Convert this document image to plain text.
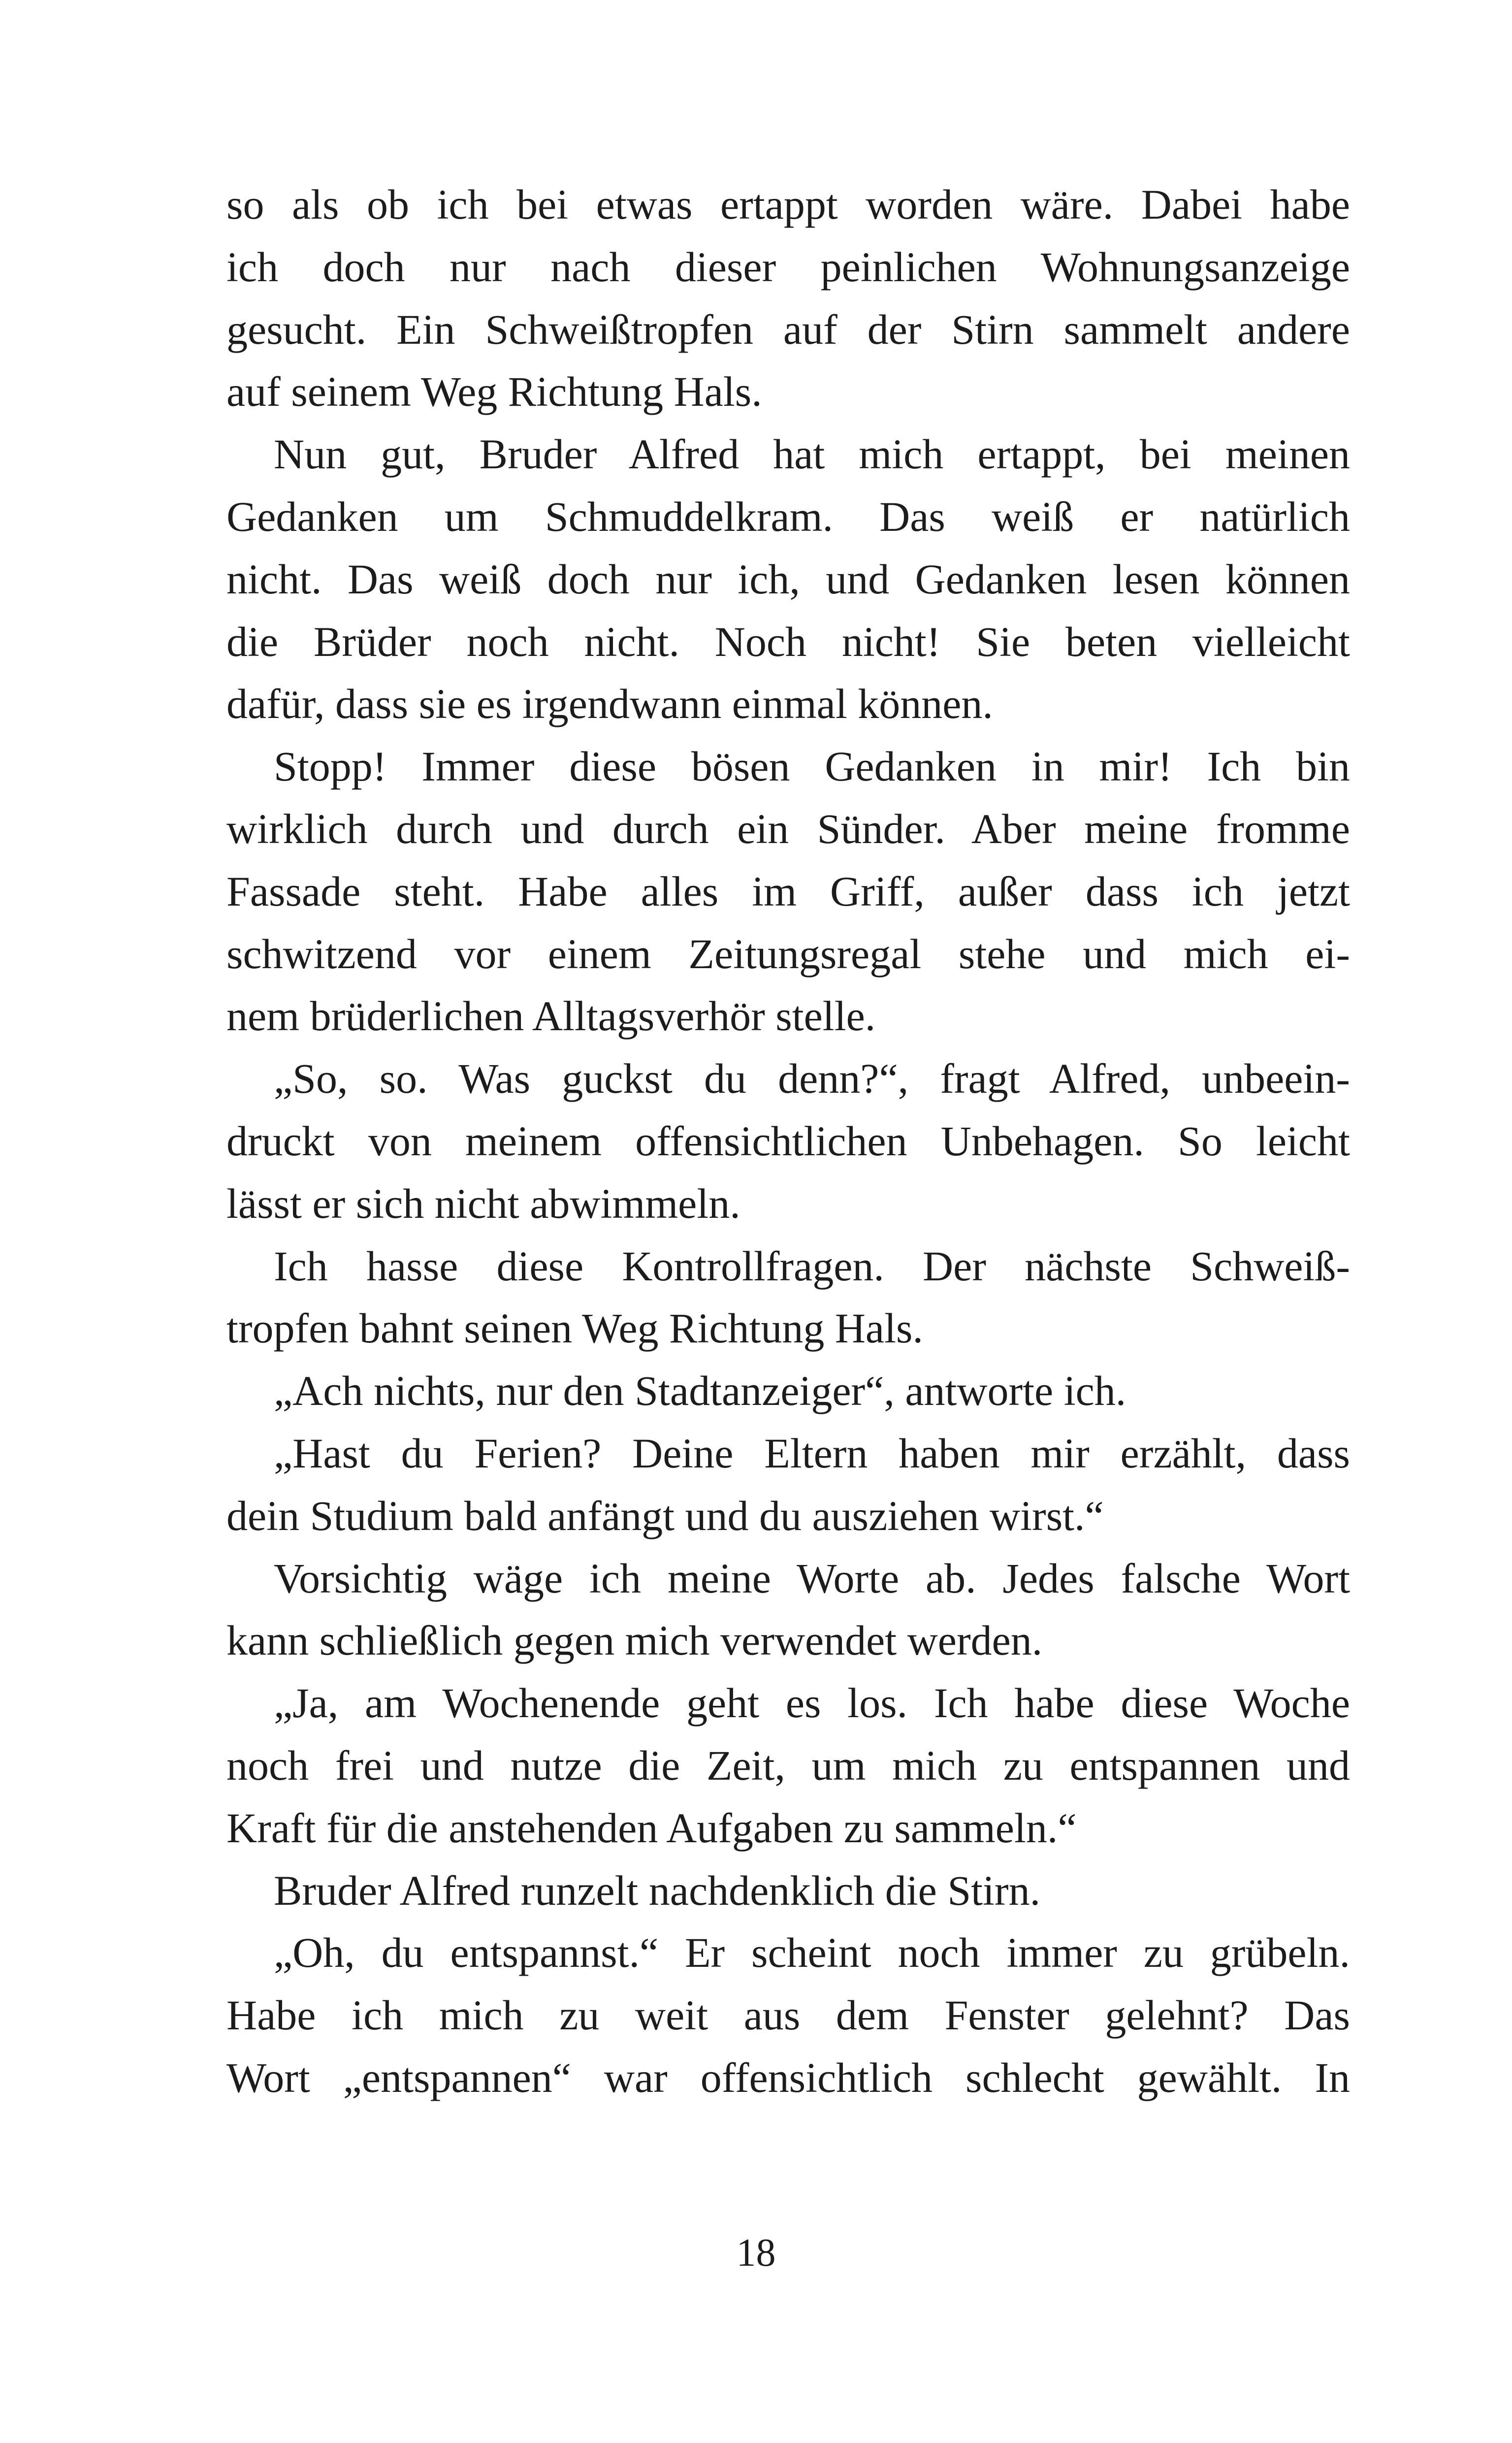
so als ob ich bei etwas ertappt worden wäre. Dabei habe
ich doch nur nach dieser peinlichen Wohnungsanzeige
gesucht. Ein Schweißtropfen auf der Stirn sammelt andere
auf seinem Weg Richtung Hals.
Nun gut, Bruder Alfred hat mich ertappt, bei meinen
Gedanken um Schmuddelkram. Das weiß er natürlich
nicht. Das weiß doch nur ich, und Gedanken lesen können
die Brüder noch nicht. Noch nicht! Sie beten vielleicht
dafür, dass sie es irgendwann einmal können.
Stopp! Immer diese bösen Gedanken in mir! Ich bin
wirklich durch und durch ein Sünder. Aber meine fromme
Fassade steht. Habe alles im Griff, außer dass ich jetzt
schwitzend vor einem Zeitungsregal stehe und mich ei-
nem brüderlichen Alltagsverhör stelle.
„So, so. Was guckst du denn?“, fragt Alfred, unbeein-
druckt von meinem offensichtlichen Unbehagen. So leicht
lässt er sich nicht abwimmeln.
Ich hasse diese Kontrollfragen. Der nächste Schweiß-
tropfen bahnt seinen Weg Richtung Hals.
„Ach nichts, nur den Stadtanzeiger“, antworte ich.
„Hast du Ferien? Deine Eltern haben mir erzählt, dass
dein Studium bald anfängt und du ausziehen wirst.“
Vorsichtig wäge ich meine Worte ab. Jedes falsche Wort
kann schließlich gegen mich verwendet werden.
„Ja, am Wochenende geht es los. Ich habe diese Woche
noch frei und nutze die Zeit, um mich zu entspannen und
Kraft für die anstehenden Aufgaben zu sammeln.“
Bruder Alfred runzelt nachdenklich die Stirn.
„Oh, du entspannst.“ Er scheint noch immer zu grübeln.
Habe ich mich zu weit aus dem Fenster gelehnt? Das
Wort „entspannen“ war offensichtlich schlecht gewählt. In
18
